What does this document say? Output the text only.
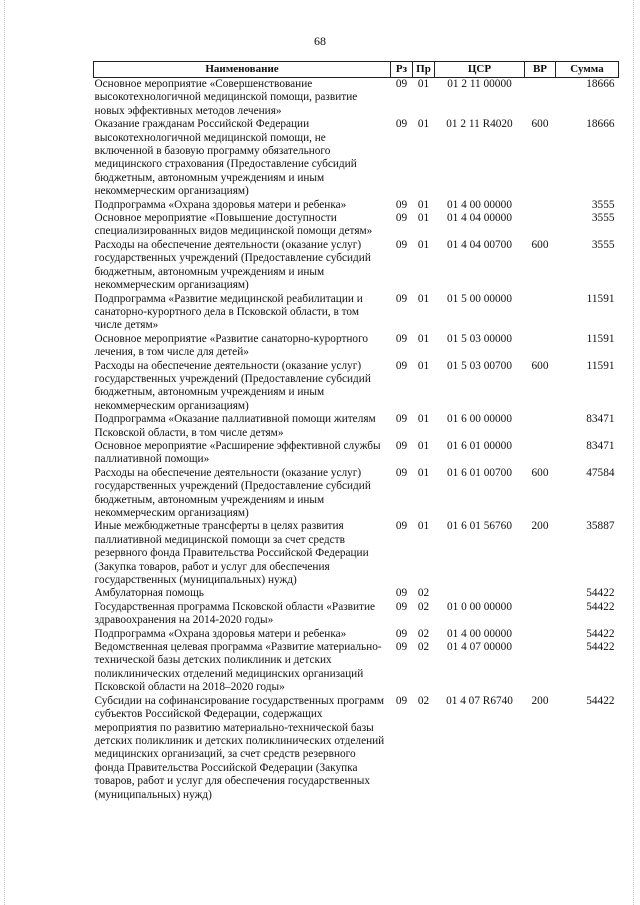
68
Наименование	Рз	Пр	ЦСР	ВР	Сумма
Основное мероприятие «Совершенствование высокотехнологичной медицинской помощи, развитие новых эффективных методов лечения»	09	01	01 2 11 00000		18666
Оказание гражданам Российской Федерации высокотехнологичной медицинской помощи, не включенной в базовую программу обязательного медицинского страхования (Предоставление субсидий бюджетным, автономным учреждениям и иным некоммерческим организациям)	09	01	01 2 11 R4020	600	18666
Подпрограмма «Охрана здоровья матери и ребенка»	09	01	01 4 00 00000		3555
Основное мероприятие «Повышение доступности специализированных видов медицинской помощи детям»	09	01	01 4 04 00000		3555
Расходы на обеспечение деятельности (оказание услуг) государственных учреждений (Предоставление субсидий бюджетным, автономным учреждениям и иным некоммерческим организациям)	09	01	01 4 04 00700	600	3555
Подпрограмма «Развитие медицинской реабилитации и санаторно-курортного дела в Псковской области, в том числе детям»	09	01	01 5 00 00000		11591
Основное мероприятие «Развитие санаторно-курортного лечения, в том числе для детей»	09	01	01 5 03 00000		11591
Расходы на обеспечение деятельности (оказание услуг) государственных учреждений (Предоставление субсидий бюджетным, автономным учреждениям и иным некоммерческим организациям)	09	01	01 5 03 00700	600	11591
Подпрограмма «Оказание паллиативной помощи жителям Псковской области, в том числе детям»	09	01	01 6 00 00000		83471
Основное мероприятие «Расширение эффективной службы паллиативной помощи»	09	01	01 6 01 00000		83471
Расходы на обеспечение деятельности (оказание услуг) государственных учреждений (Предоставление субсидий бюджетным, автономным учреждениям и иным некоммерческим организациям)	09	01	01 6 01 00700	600	47584
Иные межбюджетные трансферты в целях развития паллиативной медицинской помощи за счет средств резервного фонда Правительства Российской Федерации (Закупка товаров, работ и услуг для обеспечения государственных (муниципальных) нужд)	09	01	01 6 01 56760	200	35887
Амбулаторная помощь	09	02			54422
Государственная программа Псковской области «Развитие здравоохранения на 2014-2020 годы»	09	02	01 0 00 00000		54422
Подпрограмма «Охрана здоровья матери и ребенка»	09	02	01 4 00 00000		54422
Ведомственная целевая программа «Развитие материально-технической базы детских поликлиник и детских поликлинических отделений медицинских организаций Псковской области на 2018–2020 годы»	09	02	01 4 07 00000		54422
Субсидии на софинансирование государственных программ субъектов Российской Федерации, содержащих мероприятия по развитию материально-технической базы детских поликлиник и детских поликлинических отделений медицинских организаций, за счет средств резервного фонда Правительства Российской Федерации (Закупка товаров, работ и услуг для обеспечения государственных (муниципальных) нужд)	09	02	01 4 07 R6740	200	54422
